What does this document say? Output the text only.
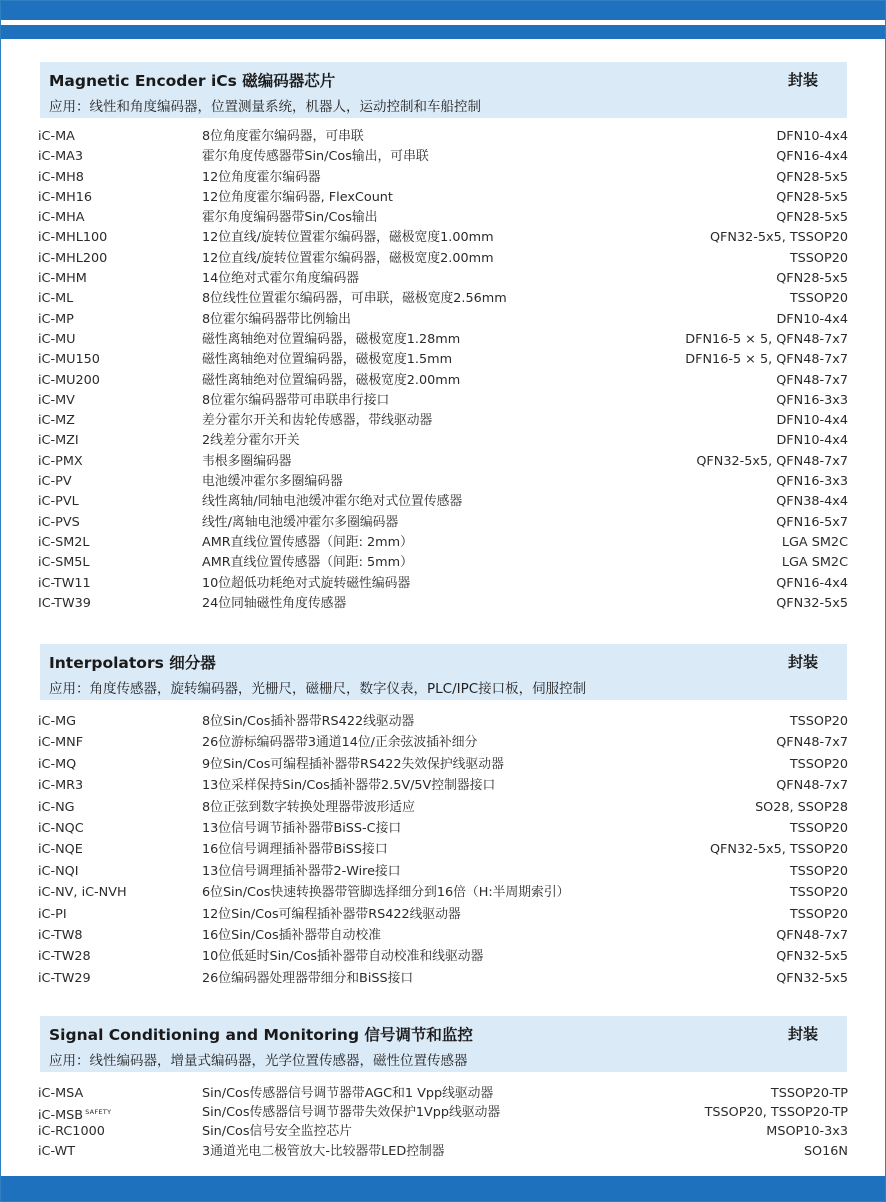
Magnetic Encoder iCs 磁编码器芯片	封装
应用：线性和角度编码器，位置测量系统，机器人，运动控制和车船控制
iC-MA	8位角度霍尔编码器，可串联	DFN10-4x4
iC-MA3	霍尔角度传感器带Sin/Cos输出，可串联	QFN16-4x4
iC-MH8	12位角度霍尔编码器	QFN28-5x5
iC-MH16	12位角度霍尔编码器, FlexCount	QFN28-5x5
iC-MHA	霍尔角度编码器带Sin/Cos输出	QFN28-5x5
iC-MHL100	12位直线/旋转位置霍尔编码器，磁极宽度1.00mm	QFN32-5x5, TSSOP20
iC-MHL200	12位直线/旋转位置霍尔编码器，磁极宽度2.00mm	TSSOP20
iC-MHM	14位绝对式霍尔角度编码器	QFN28-5x5
iC-ML	8位线性位置霍尔编码器，可串联，磁极宽度2.56mm	TSSOP20
iC-MP	8位霍尔编码器带比例输出	DFN10-4x4
iC-MU	磁性离轴绝对位置编码器，磁极宽度1.28mm	DFN16-5 × 5, QFN48-7x7
iC-MU150	磁性离轴绝对位置编码器，磁极宽度1.5mm	DFN16-5 × 5, QFN48-7x7
iC-MU200	磁性离轴绝对位置编码器，磁极宽度2.00mm	QFN48-7x7
iC-MV	8位霍尔编码器带可串联串行接口	QFN16-3x3
iC-MZ	差分霍尔开关和齿轮传感器，带线驱动器	DFN10-4x4
iC-MZI	2线差分霍尔开关	DFN10-4x4
iC-PMX	韦根多圈编码器	QFN32-5x5, QFN48-7x7
iC-PV	电池缓冲霍尔多圈编码器	QFN16-3x3
iC-PVL	线性离轴/同轴电池缓冲霍尔绝对式位置传感器	QFN38-4x4
iC-PVS	线性/离轴电池缓冲霍尔多圈编码器	QFN16-5x7
iC-SM2L	AMR直线位置传感器（间距: 2mm）	LGA SM2C
iC-SM5L	AMR直线位置传感器（间距: 5mm）	LGA SM2C
iC-TW11	10位超低功耗绝对式旋转磁性编码器	QFN16-4x4
IC-TW39	24位同轴磁性角度传感器	QFN32-5x5
Interpolators 细分器	封装
应用：角度传感器，旋转编码器，光栅尺，磁栅尺，数字仪表，PLC/IPC接口板，伺服控制
iC-MG	8位Sin/Cos插补器带RS422线驱动器	TSSOP20
iC-MNF	26位游标编码器带3通道14位/正余弦波插补细分	QFN48-7x7
iC-MQ	9位Sin/Cos可编程插补器带RS422失效保护线驱动器	TSSOP20
iC-MR3	13位采样保持Sin/Cos插补器带2.5V/5V控制器接口	QFN48-7x7
iC-NG	8位正弦到数字转换处理器带波形适应	SO28, SSOP28
iC-NQC	13位信号调节插补器带BiSS-C接口	TSSOP20
iC-NQE	16位信号调理插补器带BiSS接口	QFN32-5x5, TSSOP20
iC-NQI	13位信号调理插补器带2-Wire接口	TSSOP20
iC-NV, iC-NVH	6位Sin/Cos快速转换器带管脚选择细分到16倍（H:半周期索引）	TSSOP20
iC-PI	12位Sin/Cos可编程插补器带RS422线驱动器	TSSOP20
iC-TW8	16位Sin/Cos插补器带自动校准	QFN48-7x7
iC-TW28	10位低延时Sin/Cos插补器带自动校准和线驱动器	QFN32-5x5
iC-TW29	26位编码器处理器带细分和BiSS接口	QFN32-5x5
Signal Conditioning and Monitoring 信号调节和监控	封装
应用：线性编码器，增量式编码器，光学位置传感器，磁性位置传感器
iC-MSA	Sin/Cos传感器信号调节器带AGC和1 Vpp线驱动器	TSSOP20-TP
iC-MSB $^{SAFETY}$	Sin/Cos传感器信号调节器带失效保护1Vpp线驱动器	TSSOP20, TSSOP20-TP
iC-RC1000	Sin/Cos信号安全监控芯片	MSOP10-3x3
iC-WT	3通道光电二极管放大-比较器带LED控制器	SO16N
